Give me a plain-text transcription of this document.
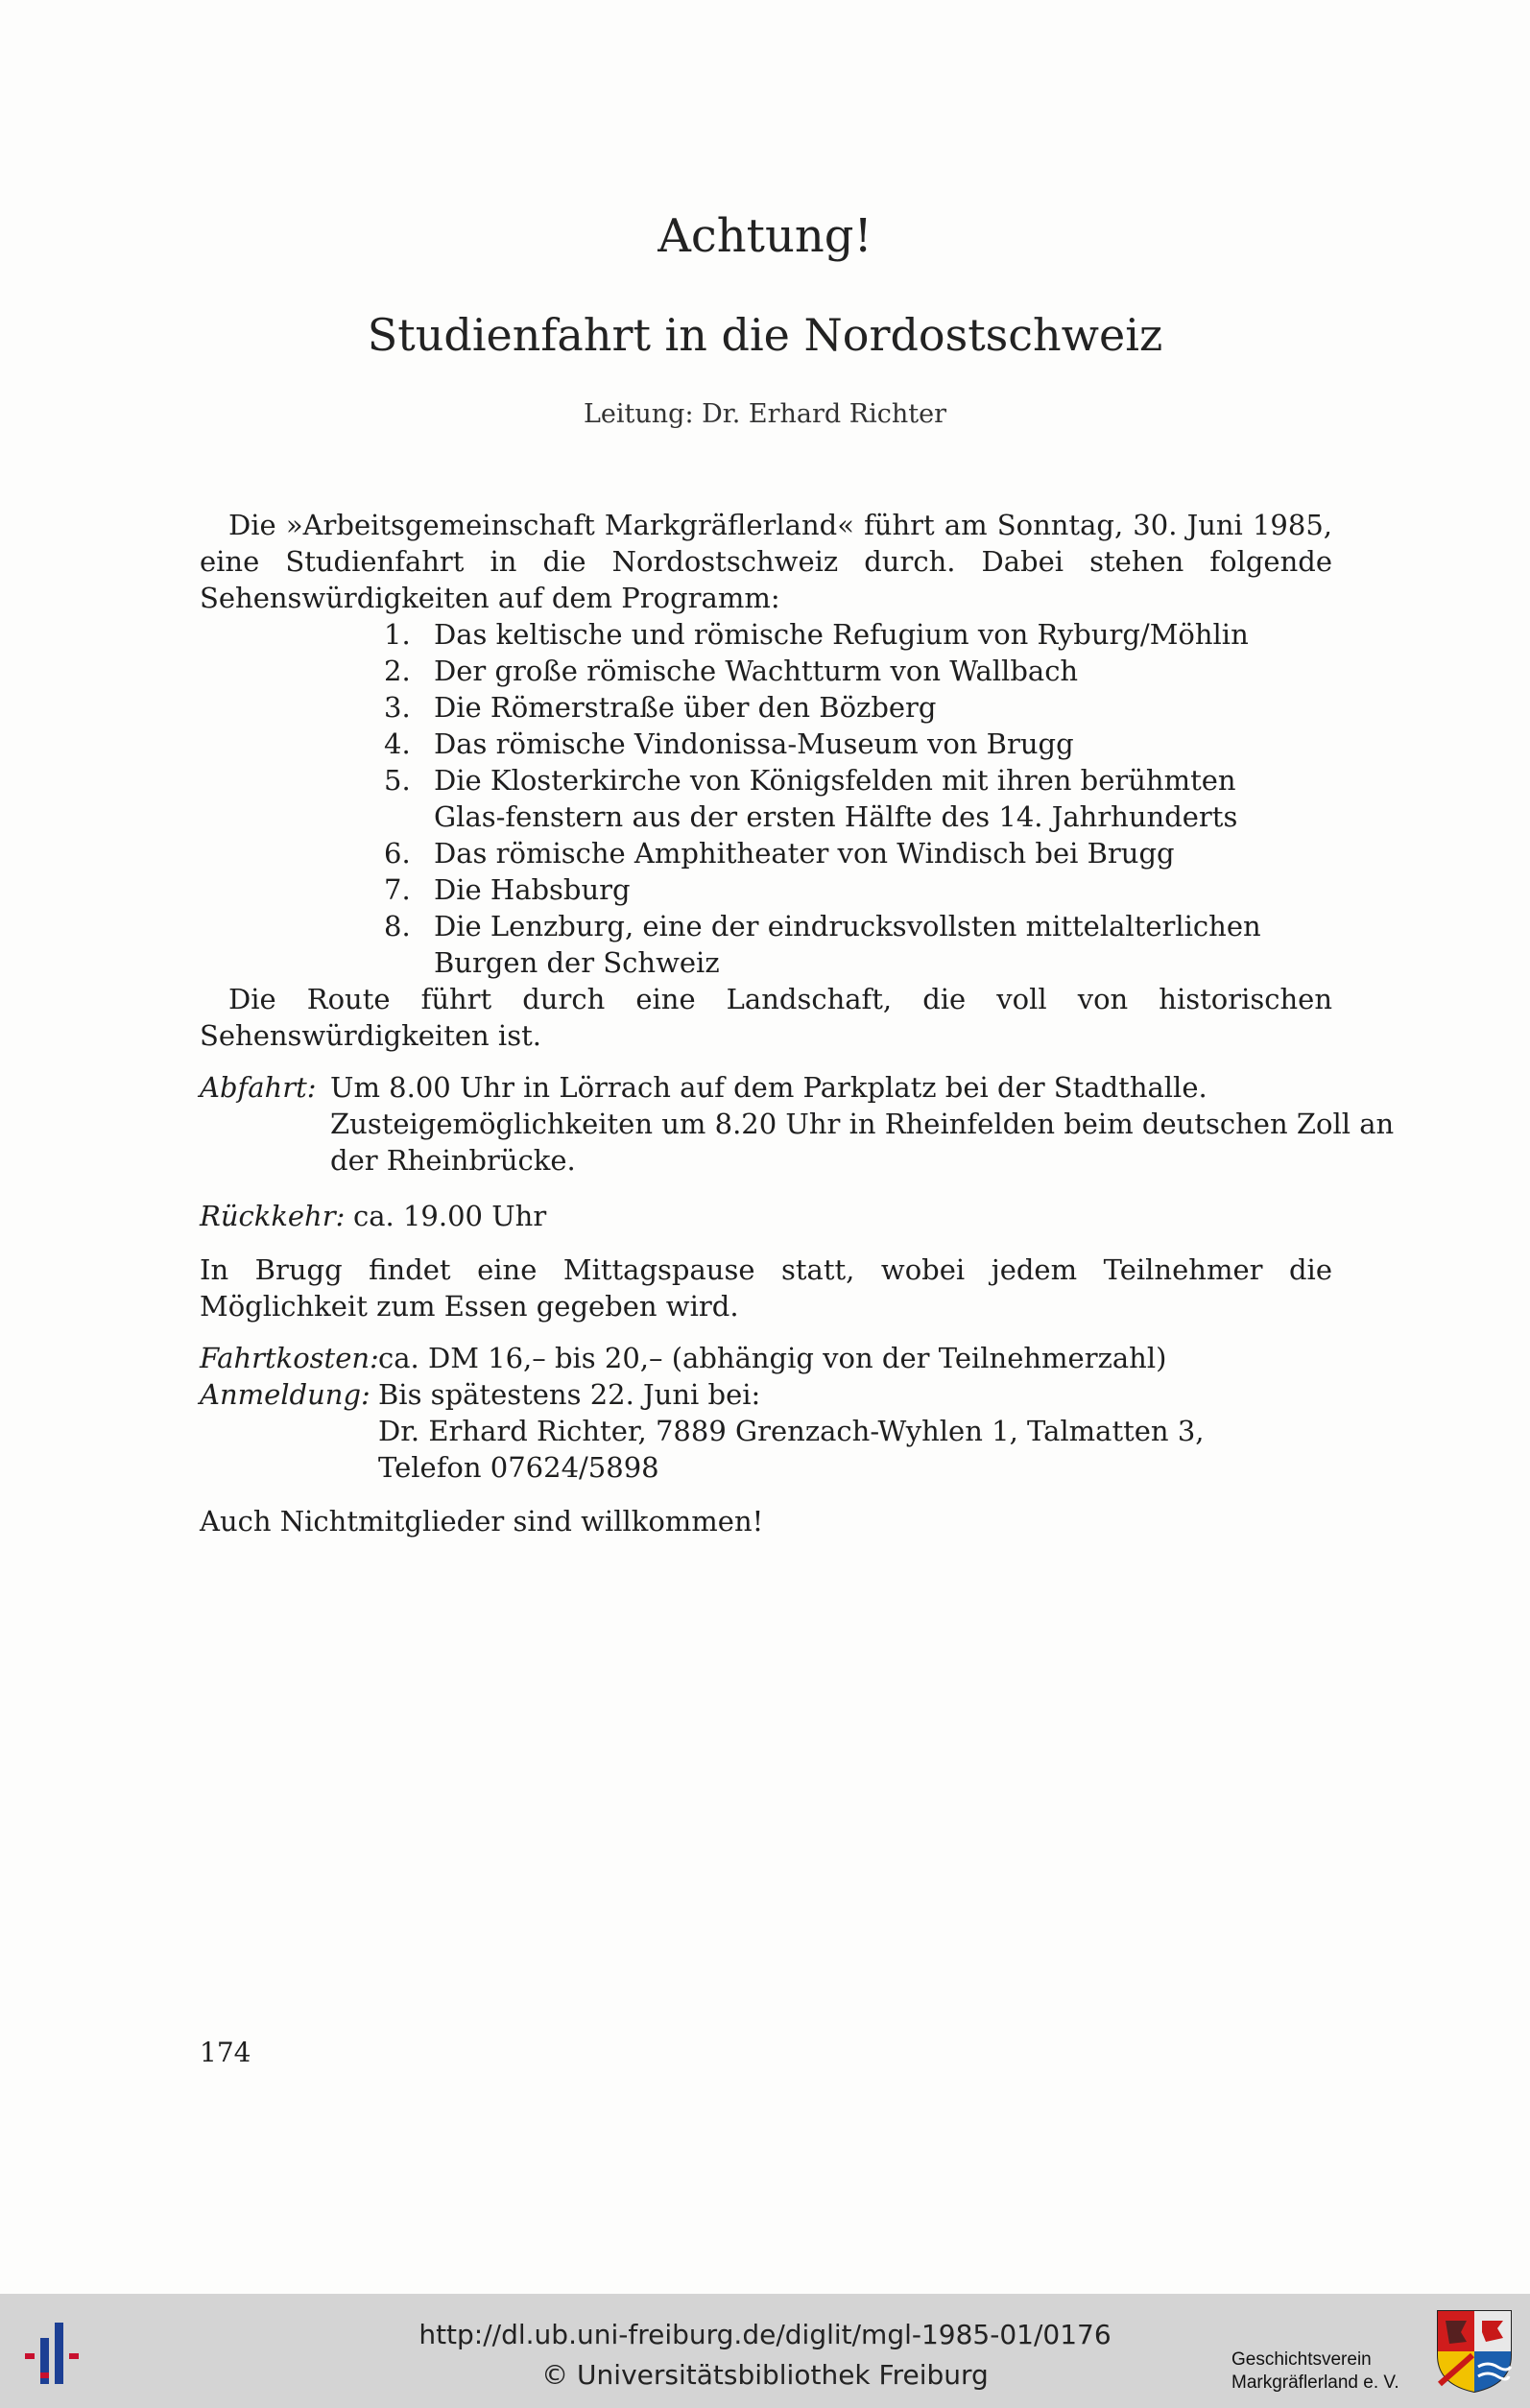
Achtung!
Studienfahrt in die Nordostschweiz
Leitung: Dr. Erhard Richter

Die »Arbeitsgemeinschaft Markgräflerland« führt am Sonntag, 30. Juni 1985, eine Studienfahrt in die Nordostschweiz durch. Dabei stehen folgende Sehenswürdigkeiten auf dem Programm:

1. Das keltische und römische Refugium von Ryburg/Möhlin
2. Der große römische Wachtturm von Wallbach
3. Die Römerstraße über den Bözberg
4. Das römische Vindonissa-Museum von Brugg
5. Die Klosterkirche von Königsfelden mit ihren berühmten Glas-fenstern aus der ersten Hälfte des 14. Jahrhunderts
6. Das römische Amphitheater von Windisch bei Brugg
7. Die Habsburg
8. Die Lenzburg, eine der eindrucksvollsten mittelalterlichen Burgen der Schweiz

Die Route führt durch eine Landschaft, die voll von historischen Sehenswürdigkeiten ist.

Abfahrt: Um 8.00 Uhr in Lörrach auf dem Parkplatz bei der Stadthalle.
Zusteigemöglichkeiten um 8.20 Uhr in Rheinfelden beim deutschen Zoll an
der Rheinbrücke.
Rückkehr: ca. 19.00 Uhr

In Brugg findet eine Mittagspause statt, wobei jedem Teilnehmer die Möglichkeit zum Essen gegeben wird.

Fahrtkosten: ca. DM 16,– bis 20,– (abhängig von der Teilnehmerzahl)
Anmeldung: Bis spätestens 22. Juni bei:
Dr. Erhard Richter, 7889 Grenzach-Wyhlen 1, Talmatten 3,
Telefon 07624/5898
Auch Nichtmitglieder sind willkommen!
174
http://dl.ub.uni-freiburg.de/diglit/mgl-1985-01/0176
© Universitätsbibliothek Freiburg	Geschichtsverein
Markgräflerland e. V.
